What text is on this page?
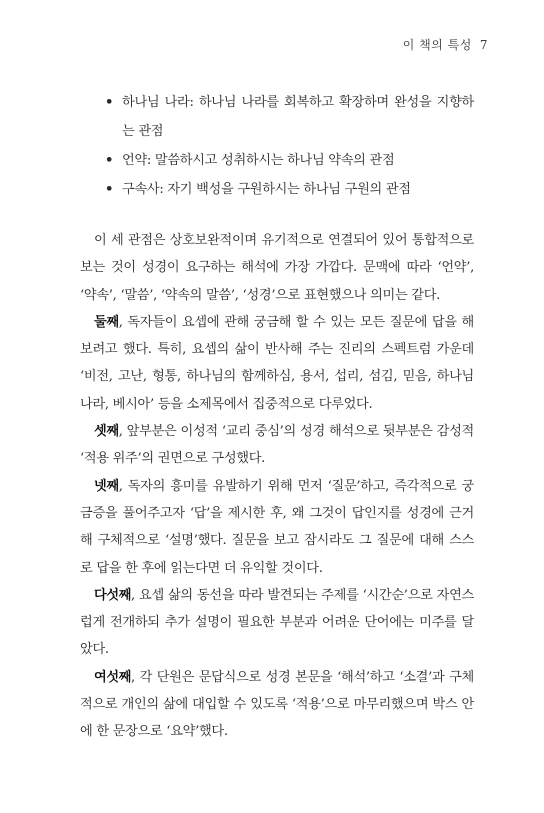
이 책의 특성 7
• 하나님 나라: 하나님 나라를 회복하고 확장하며 완성을 지향하는 관점
• 언약: 말씀하시고 성취하시는 하나님 약속의 관점
• 구속사: 자기 백성을 구원하시는 하나님 구원의 관점

이 세 관점은 상호보완적이며 유기적으로 연결되어 있어 통합적으로 보는 것이 성경이 요구하는 해석에 가장 가깝다. 문맥에 따라 ‘언약’, ‘약속’, ‘말씀’, ‘약속의 말씀’, ‘성경’으로 표현했으나 의미는 같다.

둘째, 독자들이 요셉에 관해 궁금해 할 수 있는 모든 질문에 답을 해 보려고 했다. 특히, 요셉의 삶이 반사해 주는 진리의 스펙트럼 가운데 ‘비전, 고난, 형통, 하나님의 함께하심, 용서, 섭리, 섬김, 믿음, 하나님 나라, 베시아’ 등을 소제목에서 집중적으로 다루었다.

셋째, 앞부분은 이성적 ‘교리 중심’의 성경 해석으로 뒷부분은 감성적 ‘적용 위주’의 권면으로 구성했다.

넷째, 독자의 흥미를 유발하기 위해 먼저 ‘질문’하고, 즉각적으로 궁금증을 풀어주고자 ‘답’을 제시한 후, 왜 그것이 답인지를 성경에 근거해 구체적으로 ‘설명’했다. 질문을 보고 잠시라도 그 질문에 대해 스스로 답을 한 후에 읽는다면 더 유익할 것이다.

다섯째, 요셉 삶의 동선을 따라 발견되는 주제를 ‘시간순’으로 자연스럽게 전개하되 추가 설명이 필요한 부분과 어려운 단어에는 미주를 달았다.

여섯째, 각 단원은 문답식으로 성경 본문을 ‘해석’하고 ‘소결’과 구체적으로 개인의 삶에 대입할 수 있도록 ‘적용’으로 마무리했으며 박스 안에 한 문장으로 ‘요약’했다.
